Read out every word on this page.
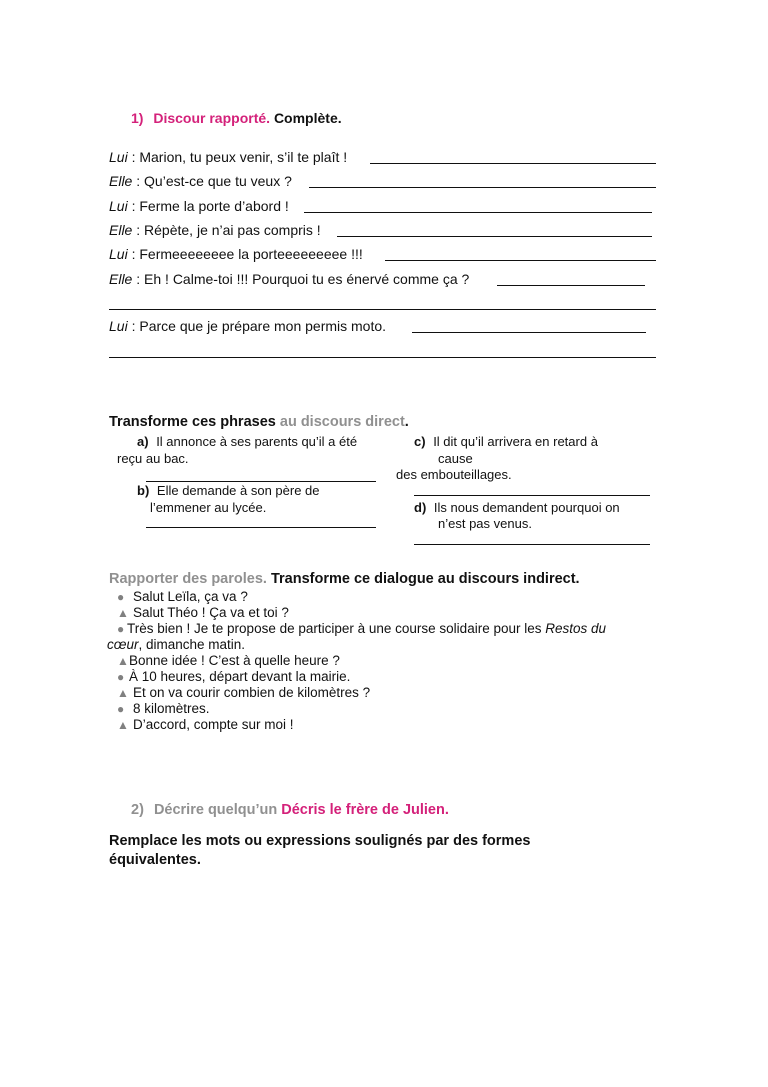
1) Discour rapporté. Complète.
Lui : Marion, tu peux venir, s’il te plaît !
Elle : Qu’est-ce que tu veux ?
Lui : Ferme la porte d’abord !
Elle : Répète, je n’ai pas compris !
Lui : Fermeeeeeeee la porteeeeeeeee !!!
Elle : Eh ! Calme-toi !!! Pourquoi tu es énervé comme ça ?
Lui : Parce que je prépare mon permis moto.
Transforme ces phrases au discours direct.
a) Il annonce à ses parents qu’il a été
reçu au bac.
b) Elle demande à son père de
l’emmener au lycée.
c) Il dit qu’il arrivera en retard à
cause
des embouteillages.
d) Ils nous demandent pourquoi on
n’est pas venus.
Rapporter des paroles. Transforme ce dialogue au discours indirect.
● Salut Leïla, ça va ?
▲ Salut Théo ! Ça va et toi ?
● Très bien ! Je te propose de participer à une course solidaire pour les Restos du
cœur, dimanche matin.
▲Bonne idée ! C’est à quelle heure ?
● À 10 heures, départ devant la mairie.
▲ Et on va courir combien de kilomètres ?
● 8 kilomètres.
▲ D’accord, compte sur moi !
2) Décrire quelqu’un Décris le frère de Julien.
Remplace les mots ou expressions soulignés par des formes
équivalentes.
